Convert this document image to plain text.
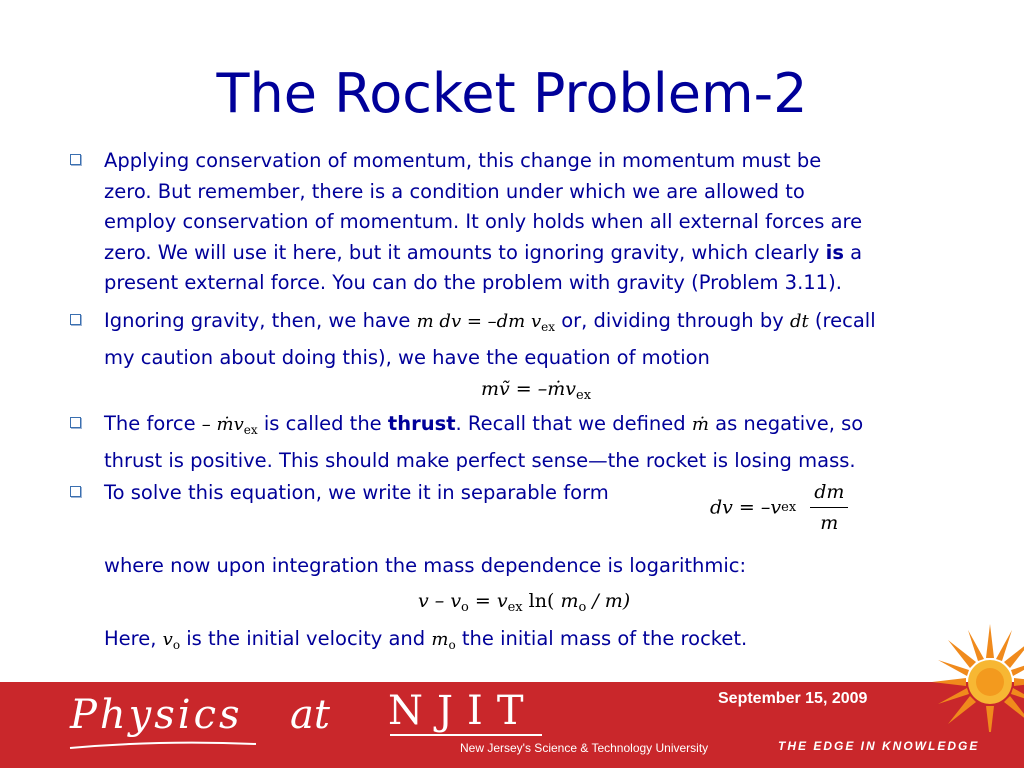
The Rocket Problem-2
Applying conservation of momentum, this change in momentum must be
zero. But remember, there is a condition under which we are allowed to
employ conservation of momentum. It only holds when all external forces are
zero. We will use it here, but it amounts to ignoring gravity, which clearly is a
present external force. You can do the problem with gravity (Problem 3.11).
Ignoring gravity, then, we have m dv = –dm $v_{ex}$ or, dividing through by dt (recall
my caution about doing this), we have the equation of motion
mṽ = –ṁv$_{ex}$
The force – ṁv$_{ex}$ is called the thrust. Recall that we defined ṁ as negative, so
thrust is positive. This should make perfect sense—the rocket is losing mass.
To solve this equation, we write it in separable form
dv = $-vex \frac{dm}{m}$
where now upon integration the mass dependence is logarithmic:
$v - v_o = v_{ex}$ ln( $m_o / m$)
Here, $v_o$ is the initial velocity and $m_o$ the initial mass of the rocket.
Physics at NJIT
New Jersey's Science & Technology University
September 15, 2009
THE EDGE IN KNOWLEDGE
